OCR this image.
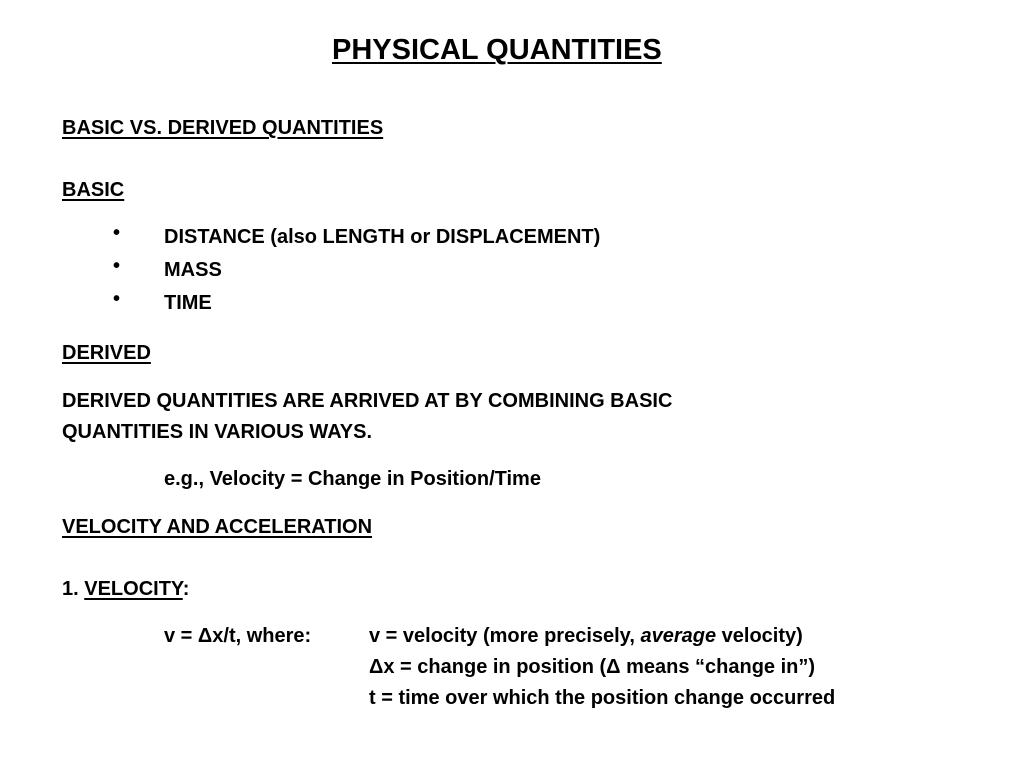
PHYSICAL QUANTITIES
BASIC VS. DERIVED QUANTITIES
BASIC
• DISTANCE (also LENGTH or DISPLACEMENT)
• MASS
• TIME
DERIVED
DERIVED QUANTITIES ARE ARRIVED AT BY COMBINING BASIC
QUANTITIES IN VARIOUS WAYS.
e.g., Velocity = Change in Position/Time
VELOCITY AND ACCELERATION
1. VELOCITY:
v = Δx/t, where:	v = velocity (more precisely, average velocity)
Δx = change in position (Δ means “change in”)
t = time over which the position change occurred
